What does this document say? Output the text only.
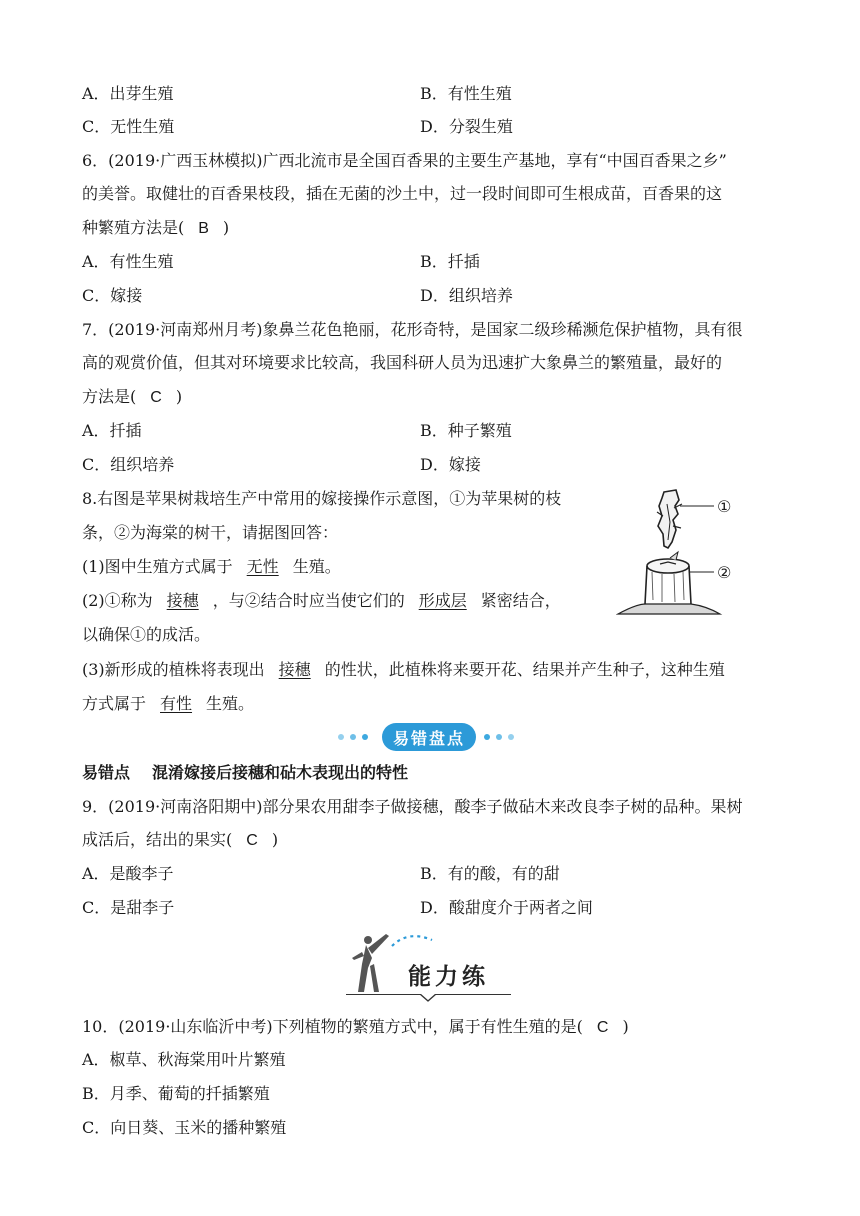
A．出芽生殖	B．有性生殖
C．无性生殖	D．分裂生殖
6．(2019·广西玉林模拟)广西北流市是全国百香果的主要生产基地，享有“中国百香果之乡”
的美誉。取健壮的百香果枝段，插在无菌的沙土中，过一段时间即可生根成苗，百香果的这
种繁殖方法是( B )
A．有性生殖	B．扦插
C．嫁接	D．组织培养
7．(2019·河南郑州月考)象鼻兰花色艳丽，花形奇特，是国家二级珍稀濒危保护植物，具有很
高的观赏价值，但其对环境要求比较高，我国科研人员为迅速扩大象鼻兰的繁殖量，最好的
方法是( C )
A．扦插	B．种子繁殖
C．组织培养	D．嫁接
8.右图是苹果树栽培生产中常用的嫁接操作示意图，①为苹果树的枝
条，②为海棠的树干，请据图回答：
(1)图中生殖方式属于 无性 生殖。
(2)①称为 接穗 ，与②结合时应当使它们的 形成层 紧密结合，
以确保①的成活。
(3)新形成的植株将表现出 接穗 的性状，此植株将来要开花、结果并产生种子，这种生殖
方式属于 有性 生殖。
①
②
易错盘点
易错点 混淆嫁接后接穗和砧木表现出的特性
9．(2019·河南洛阳期中)部分果农用甜李子做接穗，酸李子做砧木来改良李子树的品种。果树
成活后，结出的果实( C )
A．是酸李子	B．有的酸，有的甜
C．是甜李子	D．酸甜度介于两者之间
能力练
10．(2019·山东临沂中考)下列植物的繁殖方式中，属于有性生殖的是( C )
A．椒草、秋海棠用叶片繁殖
B．月季、葡萄的扦插繁殖
C．向日葵、玉米的播种繁殖
